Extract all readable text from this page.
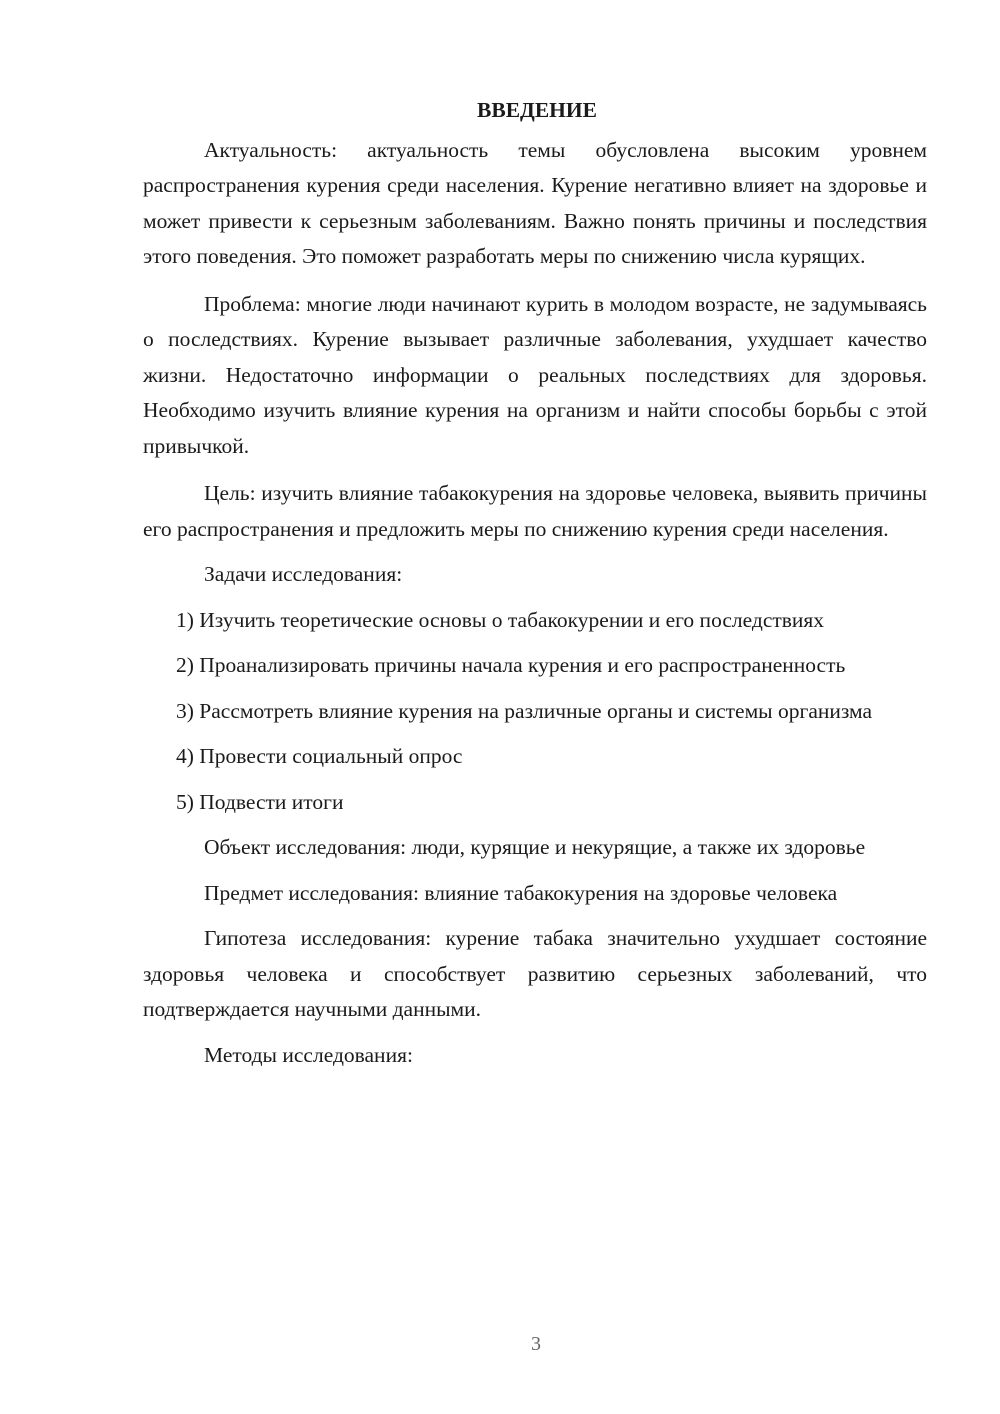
ВВЕДЕНИЕ

Актуальность: актуальность темы обусловлена высоким уровнем распространения курения среди населения. Курение негативно влияет на здоровье и может привести к серьезным заболеваниям. Важно понять причины и последствия этого поведения. Это поможет разработать меры по снижению числа курящих.

Проблема: многие люди начинают курить в молодом возрасте, не задумываясь о последствиях. Курение вызывает различные заболевания, ухудшает качество жизни. Недостаточно информации о реальных последствиях для здоровья. Необходимо изучить влияние курения на организм и найти способы борьбы с этой привычкой.

Цель: изучить влияние табакокурения на здоровье человека, выявить причины его распространения и предложить меры по снижению курения среди населения.

Задачи исследования:

1) Изучить теоретические основы о табакокурении и его последствиях

2) Проанализировать причины начала курения и его распространенность

3) Рассмотреть влияние курения на различные органы и системы организма

4) Провести социальный опрос

5) Подвести итоги

Объект исследования: люди, курящие и некурящие, а также их здоровье

Предмет исследования: влияние табакокурения на здоровье человека

Гипотеза исследования: курение табака значительно ухудшает состояние здоровья человека и способствует развитию серьезных заболеваний, что подтверждается научными данными.

Методы исследования:

3
